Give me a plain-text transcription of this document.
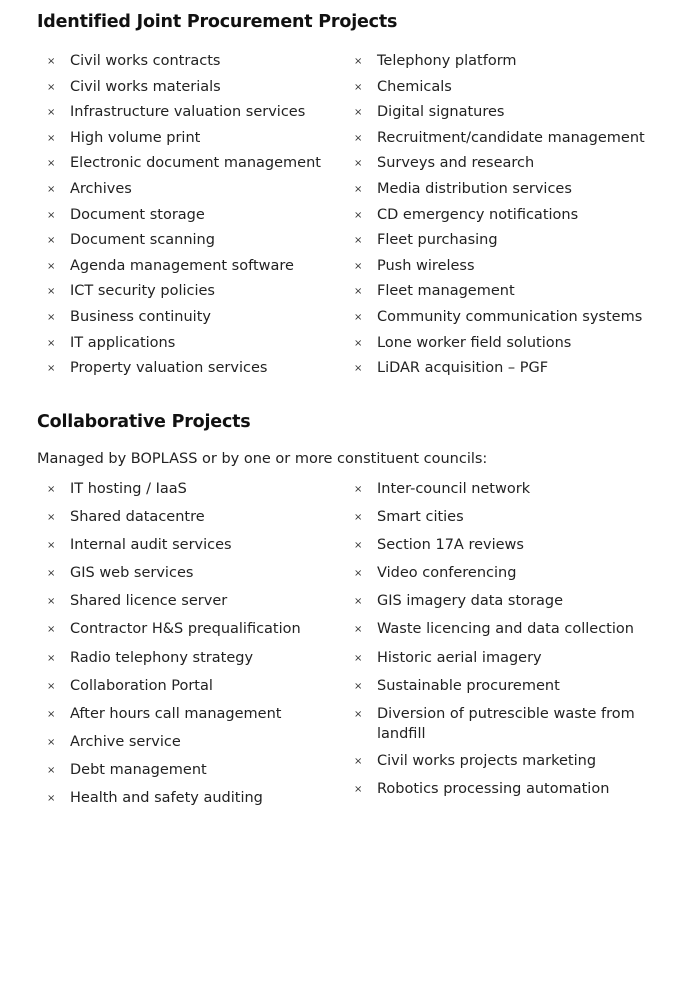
Identified Joint Procurement Projects
× Civil works contracts
× Civil works materials
× Infrastructure valuation services
× High volume print
× Electronic document management
× Archives
× Document storage
× Document scanning
× Agenda management software
× ICT security policies
× Business continuity
× IT applications
× Property valuation services
× Telephony platform
× Chemicals
× Digital signatures
× Recruitment/candidate management
× Surveys and research
× Media distribution services
× CD emergency notifications
× Fleet purchasing
× Push wireless
× Fleet management
× Community communication systems
× Lone worker field solutions
× LiDAR acquisition – PGF
Collaborative Projects
Managed by BOPLASS or by one or more constituent councils:
× IT hosting / IaaS
× Shared datacentre
× Internal audit services
× GIS web services
× Shared licence server
× Contractor H&S prequalification
× Radio telephony strategy
× Collaboration Portal
× After hours call management
× Archive service
× Debt management
× Health and safety auditing
× Inter-council network
× Smart cities
× Section 17A reviews
× Video conferencing
× GIS imagery data storage
× Waste licencing and data collection
× Historic aerial imagery
× Sustainable procurement
× Diversion of putrescible waste from landfill
× Civil works projects marketing
× Robotics processing automation
